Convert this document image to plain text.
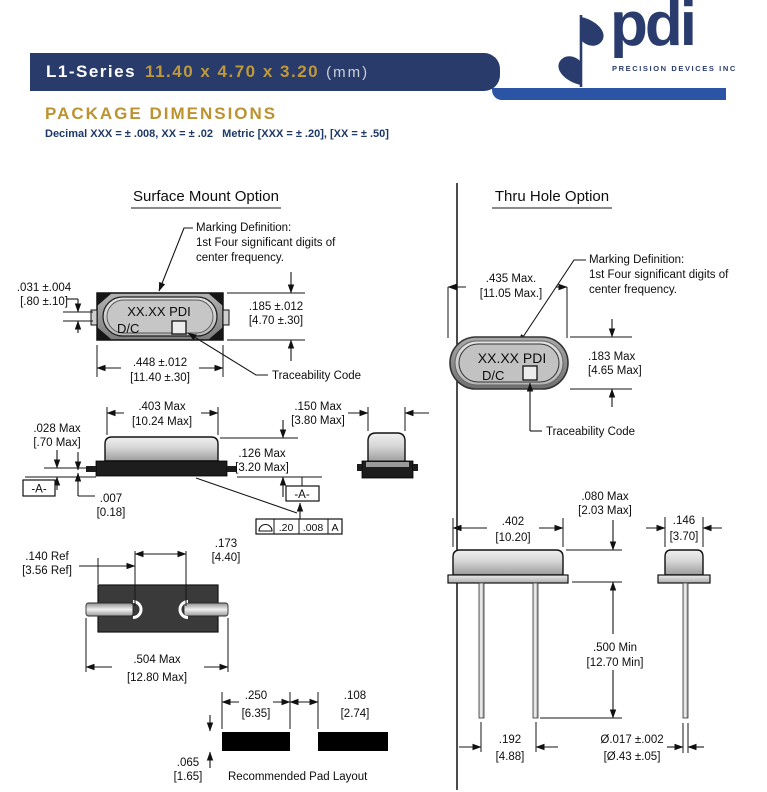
L1-Series 11.40 x 4.70 x 3.20 (mm)
pdi
PRECISION DEVICES INC
PACKAGE DIMENSIONS
Decimal XXX = ± .008, XX = ± .02   Metric [XXX = ± .20], [XX = ± .50]
Surface Mount Option
Marking Definition:
1st Four significant digits of
center frequency.
XX.XX PDI
D/C
.031 ±.004
[.80 ±.10]	.185 ±.012
[4.70 ±.30]
.448 ±.012
[11.40 ±.30]	Traceability Code
.403 Max
[10.24 Max]
.028 Max
[.70 Max]
.007
[0.18]
.126 Max
[3.20 Max]
-A-	-A-
.20 .008 A
.150 Max
[3.80 Max]
.173
[4.40]
.140 Ref
[3.56 Ref]
.504 Max
[12.80 Max]
.250
[6.35]
.108
[2.74]
.065
[1.65] Recommended Pad Layout
Thru Hole Option
Marking Definition:
1st Four significant digits of
center frequency.
.435 Max.
[11.05 Max.]
XX.XX PDI
D/C
.183 Max
[4.65 Max]
Traceability Code
.402
[10.20]
.080 Max
[2.03 Max]
.500 Min
[12.70 Min]
.192
[4.88]
.146
[3.70]
Ø.017 ±.002
[Ø.43 ±.05]
